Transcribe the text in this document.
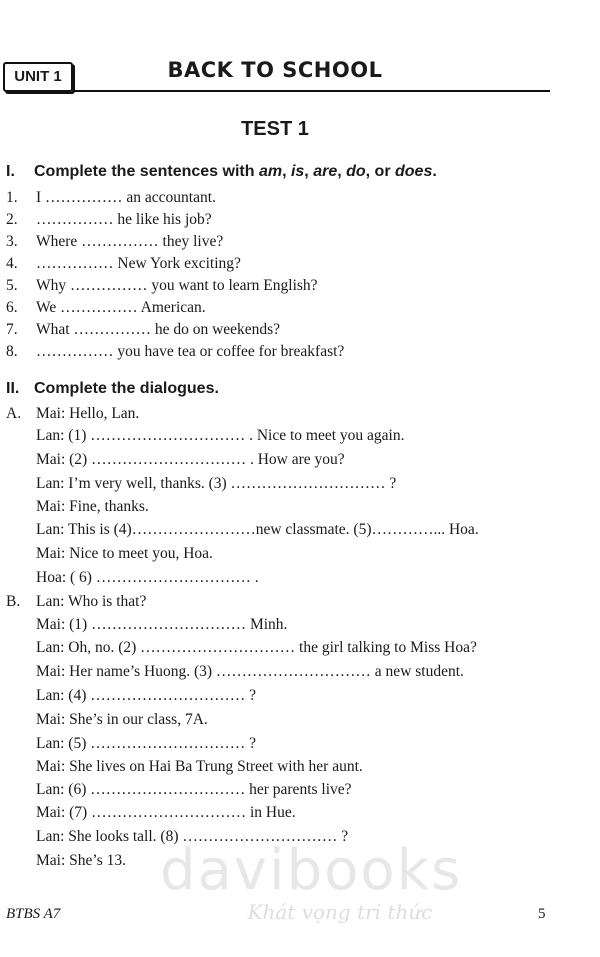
UNIT 1	BACK TO SCHOOL
TEST 1
I. Complete the sentences with am, is, are, do, or does.
1. I …………… an accountant.
2. …………… he like his job?
3. Where …………… they live?
4. …………… New York exciting?
5. Why …………… you want to learn English?
6. We …………… American.
7. What …………… he do on weekends?
8. …………… you have tea or coffee for breakfast?
II. Complete the dialogues.
A. Mai: Hello, Lan.
Lan: (1) ………………………… . Nice to meet you again.
Mai: (2) ………………………… . How are you?
Lan: I’m very well, thanks. (3) ………………………… ?
Mai: Fine, thanks.
Lan: This is (4)……………………new classmate. (5)…………... Hoa.
Mai: Nice to meet you, Hoa.
Hoa: ( 6) ………………………… .
B. Lan: Who is that?
Mai: (1) ………………………… Minh.
Lan: Oh, no. (2) ………………………… the girl talking to Miss Hoa?
Mai: Her name’s Huong. (3) ………………………… a new student.
Lan: (4) ………………………… ?
Mai: She’s in our class, 7A.
Lan: (5) ………………………… ?
Mai: She lives on Hai Ba Trung Street with her aunt.
Lan: (6) ………………………… her parents live?
Mai: (7) ………………………… in Hue.
Lan: She looks tall. (8) ………………………… ?
Mai: She’s 13. davibooks
Khát vọng tri thức
BTBS A7	5
